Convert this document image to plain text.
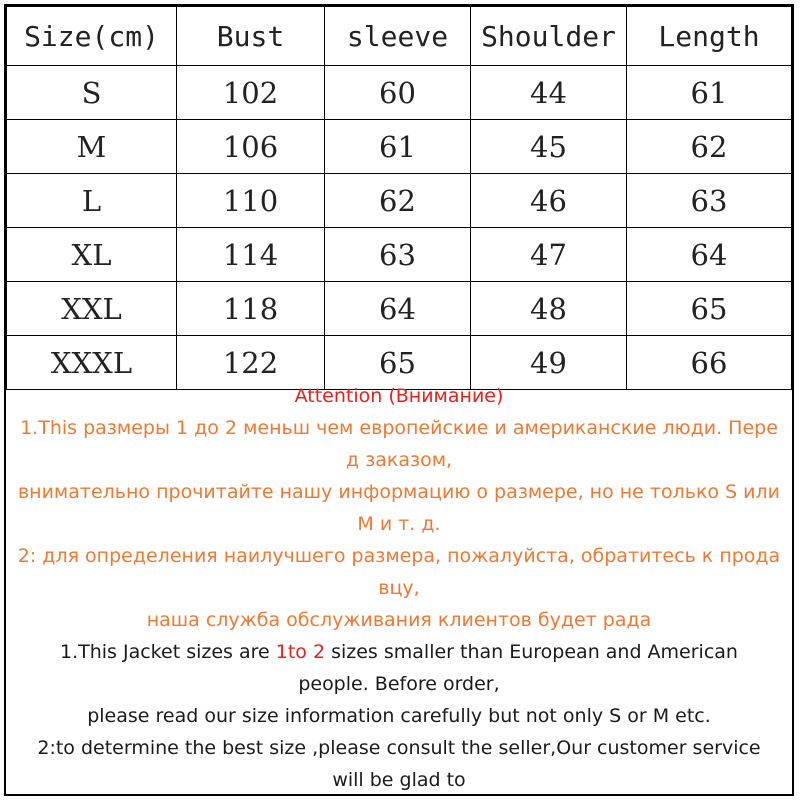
Size(cm)	Bust	sleeve	Shoulder	Length
S	102	60	44	61
M	106	61	45	62
L	110	62	46	63
XL	114	63	47	64
XXL	118	64	48	65
XXXL	122	65	49	66

Attention (Внимание)

1.This размеры 1 до 2 меньш чем европейские и американские люди. Пере

д заказом,

внимательно прочитайте нашу информацию о размере, но не только S или

M и т. д.

2: для определения наилучшего размера, пожалуйста, обратитесь к прода

вцу,

наша служба обслуживания клиентов будет рада

1.This Jacket sizes are 1to 2 sizes smaller than European and American

people. Before order,

please read our size information carefully but not only S or M etc.

2:to determine the best size ,please consult the seller,Our customer service

will be glad to
